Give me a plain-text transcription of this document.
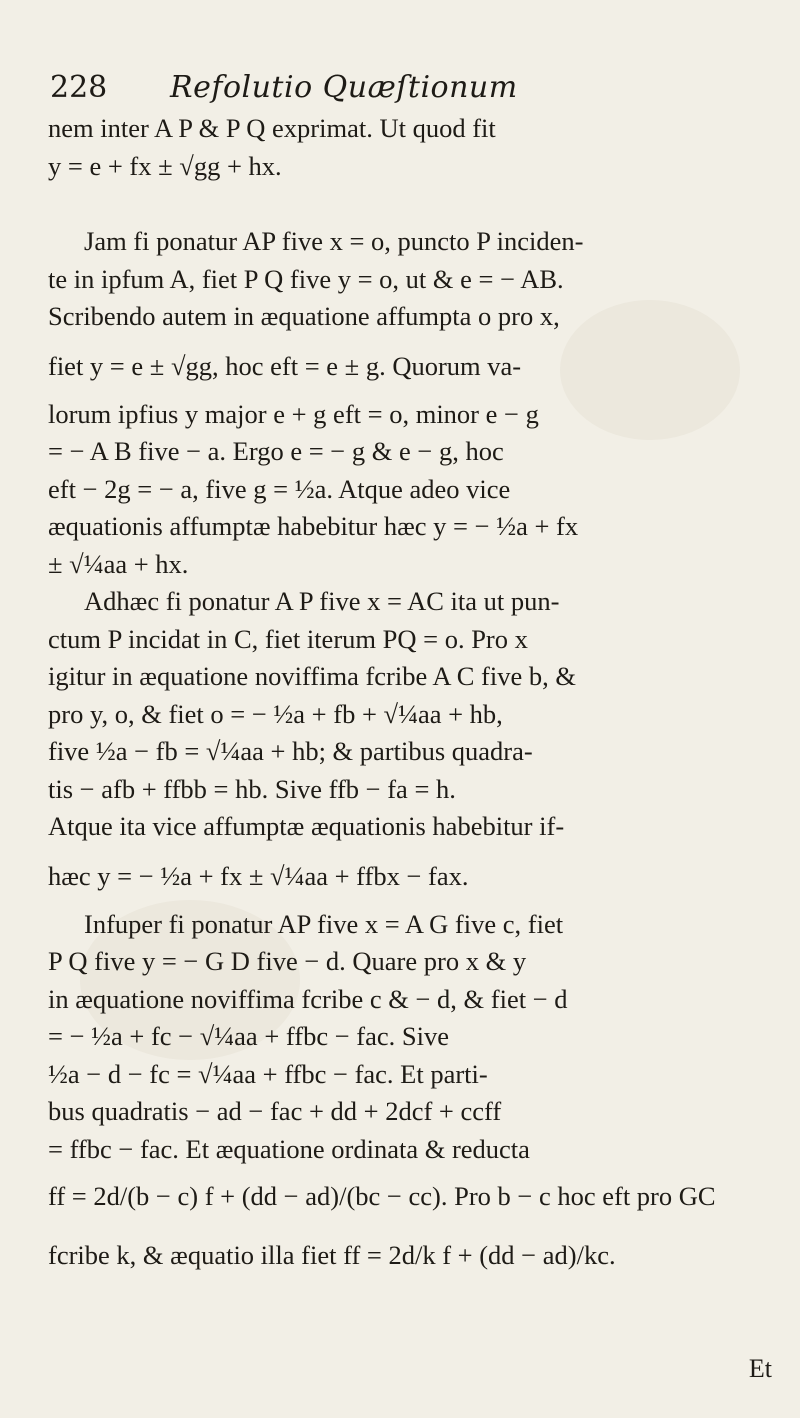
228 Refolutio Quæſtionum
nem inter A P & P Q exprimat. Ut quod fit
y = e + fx ± √gg + hx.
Jam fi ponatur AP five x = o, puncto P inciden-
te in ipfum A, fiet P Q five y = o, ut & e = − AB.
Scribendo autem in æquatione affumpta o pro x,
fiet y = e ± √gg, hoc eft = e ± g. Quorum va-
lorum ipfius y major e + g eft = o, minor e − g
= − A B five − a. Ergo e = − g & e − g, hoc
eft − 2g = − a, five g = ½a. Atque adeo vice
æquationis affumptæ habebitur hæc y = − ½a + fx
± √¼aa + hx.
Adhæc fi ponatur A P five x = AC ita ut pun-
ctum P incidat in C, fiet iterum PQ = o. Pro x
igitur in æquatione noviffima fcribe A C five b, &
pro y, o, & fiet o = − ½a + fb + √¼aa + hb,
five ½a − fb = √¼aa + hb; & partibus quadra-
tis − afb + ffbb = hb. Sive ffb − fa = h.
Atque ita vice affumptæ æquationis habebitur if-
hæc y = − ½a + fx ± √¼aa + ffbx − fax.
Infuper fi ponatur AP five x = A G five c, fiet
P Q five y = − G D five − d. Quare pro x & y
in æquatione noviffima fcribe c & − d, & fiet − d
= − ½a + fc − √¼aa + ffbc − fac. Sive
½a − d − fc = √¼aa + ffbc − fac. Et parti-
bus quadratis − ad − fac + dd + 2dcf + ccff
= ffbc − fac. Et æquatione ordinata & reducta
ff = 2d/(b − c) f + (dd − ad)/(bc − cc). Pro b − c hoc eft pro GC
fcribe k, & æquatio illa fiet ff = 2d/k f + (dd − ad)/kc.
Et
